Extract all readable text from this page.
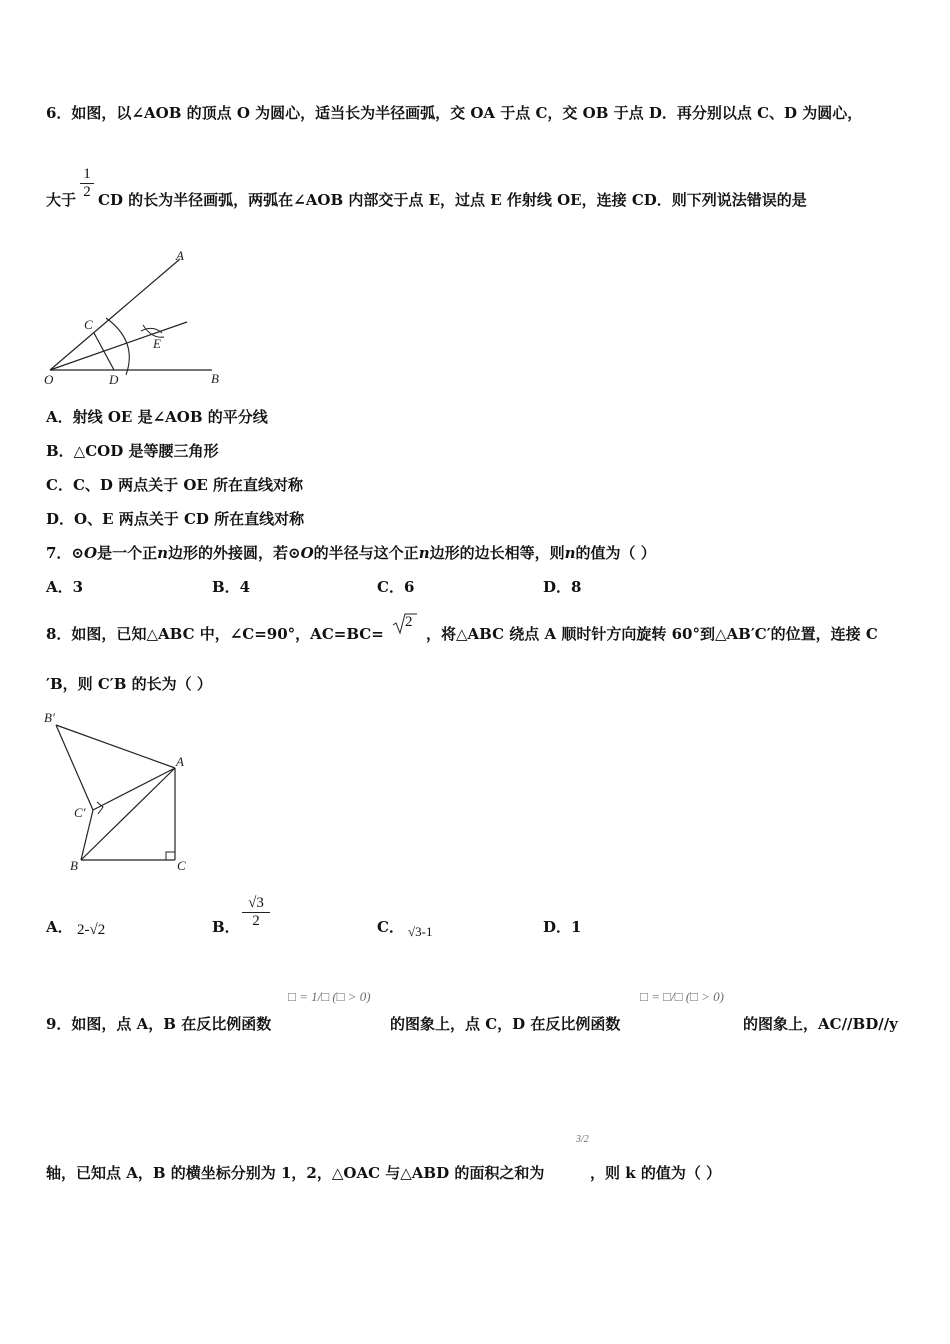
6．如图，以∠AOB 的顶点 O 为圆心，适当长为半径画弧，交 OA 于点 C，交 OB 于点 D．再分别以点 C、D 为圆心，
大于 $\frac{1}{2}$ CD 的长为半径画弧，两弧在∠AOB 内部交于点 E，过点 E 作射线 OE，连接 CD．则下列说法错误的是
A
B
C
D
E
O
A．射线 OE 是∠AOB 的平分线
B．△COD 是等腰三角形
C．C、D 两点关于 OE 所在直线对称
D．O、E 两点关于 CD 所在直线对称
7．⊙O是一个正n边形的外接圆，若⊙O的半径与这个正n边形的边长相等，则n的值为（ ）
A．3	B．4	C．6	D．8
8．如图，已知△ABC 中，∠C=90°，AC=BC=
2
，将△ABC 绕点 A 顺时针方向旋转 60°到△AB′C′的位置，连接 C
′B，则 C′B 的长为（ ）
B′
A
C′
B	C
A． 2-√2	B． $\frac{√3}{2}$	C． √3-1	D．1
□ = 1/□ (□ > 0)	□ = □/□ (□ > 0)
9．如图，点 A，B 在反比例函数	的图象上，点 C，D 在反比例函数	的图象上，AC//BD//y
3/2
轴，已知点 A，B 的横坐标分别为 1，2，△OAC 与△ABD 的面积之和为	，则 k 的值为（ ）
